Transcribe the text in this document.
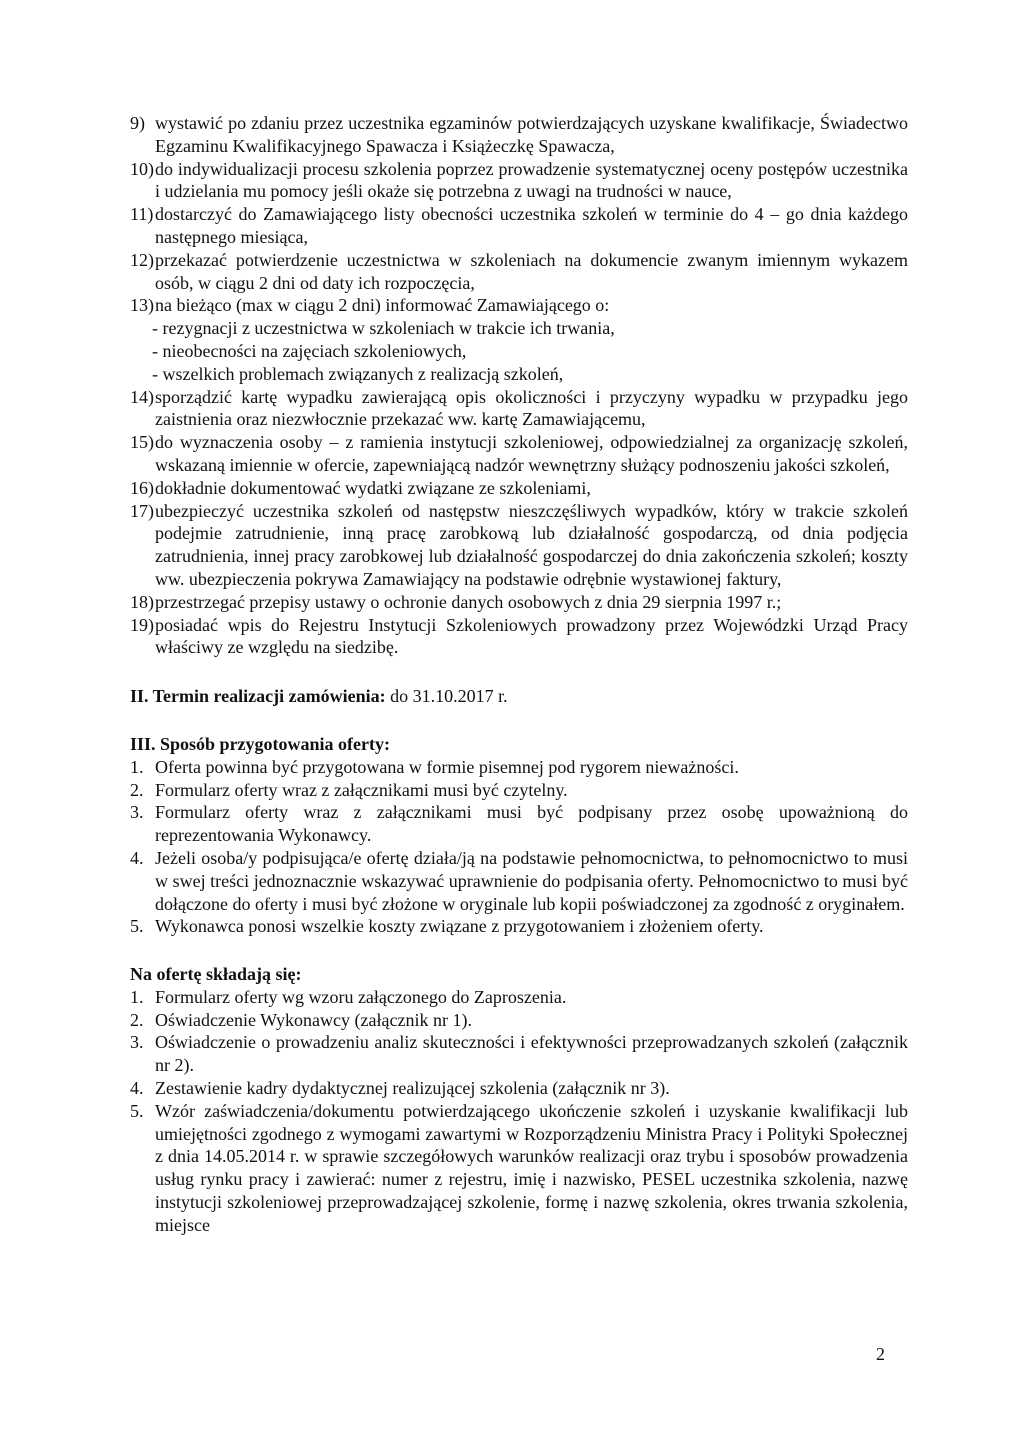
9) wystawić po zdaniu przez uczestnika egzaminów potwierdzających uzyskane kwalifikacje, Świadectwo Egzaminu Kwalifikacyjnego Spawacza i Książeczkę Spawacza,

10) do indywidualizacji procesu szkolenia poprzez prowadzenie systematycznej oceny postępów uczestnika i udzielania mu pomocy jeśli okaże się potrzebna z uwagi na trudności w nauce,

11) dostarczyć do Zamawiającego listy obecności uczestnika szkoleń w terminie do 4 – go dnia każdego następnego miesiąca,

12) przekazać potwierdzenie uczestnictwa w szkoleniach na dokumencie zwanym imiennym wykazem osób, w ciągu 2 dni od daty ich rozpoczęcia,

13) na bieżąco (max w ciągu 2 dni) informować Zamawiającego o:

- rezygnacji z uczestnictwa w szkoleniach w trakcie ich trwania,

- nieobecności na zajęciach szkoleniowych,

- wszelkich problemach związanych z realizacją szkoleń,

14) sporządzić kartę wypadku zawierającą opis okoliczności i przyczyny wypadku w przypadku jego zaistnienia oraz niezwłocznie przekazać ww. kartę Zamawiającemu,

15) do wyznaczenia osoby – z ramienia instytucji szkoleniowej, odpowiedzialnej za organizację szkoleń, wskazaną imiennie w ofercie, zapewniającą nadzór wewnętrzny służący podnoszeniu jakości szkoleń,

16) dokładnie dokumentować wydatki związane ze szkoleniami,

17) ubezpieczyć uczestnika szkoleń od następstw nieszczęśliwych wypadków, który w trakcie szkoleń podejmie zatrudnienie, inną pracę zarobkową lub działalność gospodarczą, od dnia podjęcia zatrudnienia, innej pracy zarobkowej lub działalność gospodarczej do dnia zakończenia szkoleń; koszty ww. ubezpieczenia pokrywa Zamawiający na podstawie odrębnie wystawionej faktury,

18) przestrzegać przepisy ustawy o ochronie danych osobowych z dnia 29 sierpnia 1997 r.;

19) posiadać wpis do Rejestru Instytucji Szkoleniowych prowadzony przez Wojewódzki Urząd Pracy właściwy ze względu na siedzibę.

II. Termin realizacji zamówienia: do 31.10.2017 r.

III. Sposób przygotowania oferty:

1. Oferta powinna być przygotowana w formie pisemnej pod rygorem nieważności.

2. Formularz oferty wraz z załącznikami musi być czytelny.

3. Formularz oferty wraz z załącznikami musi być podpisany przez osobę upoważnioną do reprezentowania Wykonawcy.

4. Jeżeli osoba/y podpisująca/e ofertę działa/ją na podstawie pełnomocnictwa, to pełnomocnictwo to musi w swej treści jednoznacznie wskazywać uprawnienie do podpisania oferty. Pełnomocnictwo to musi być dołączone do oferty i musi być złożone w oryginale lub kopii poświadczonej za zgodność z oryginałem.

5. Wykonawca ponosi wszelkie koszty związane z przygotowaniem i złożeniem oferty.

Na ofertę składają się:

1. Formularz oferty wg wzoru załączonego do Zaproszenia.

2. Oświadczenie Wykonawcy (załącznik nr 1).

3. Oświadczenie o prowadzeniu analiz skuteczności i efektywności przeprowadzanych szkoleń (załącznik nr 2).

4. Zestawienie kadry dydaktycznej realizującej szkolenia (załącznik nr 3).

5. Wzór zaświadczenia/dokumentu potwierdzającego ukończenie szkoleń i uzyskanie kwalifikacji lub umiejętności zgodnego z wymogami zawartymi w Rozporządzeniu Ministra Pracy i Polityki Społecznej z dnia 14.05.2014 r. w sprawie szczegółowych warunków realizacji oraz trybu i sposobów prowadzenia usług rynku pracy i zawierać: numer z rejestru, imię i nazwisko, PESEL uczestnika szkolenia, nazwę instytucji szkoleniowej przeprowadzającej szkolenie, formę i nazwę szkolenia, okres trwania szkolenia, miejsce

2
